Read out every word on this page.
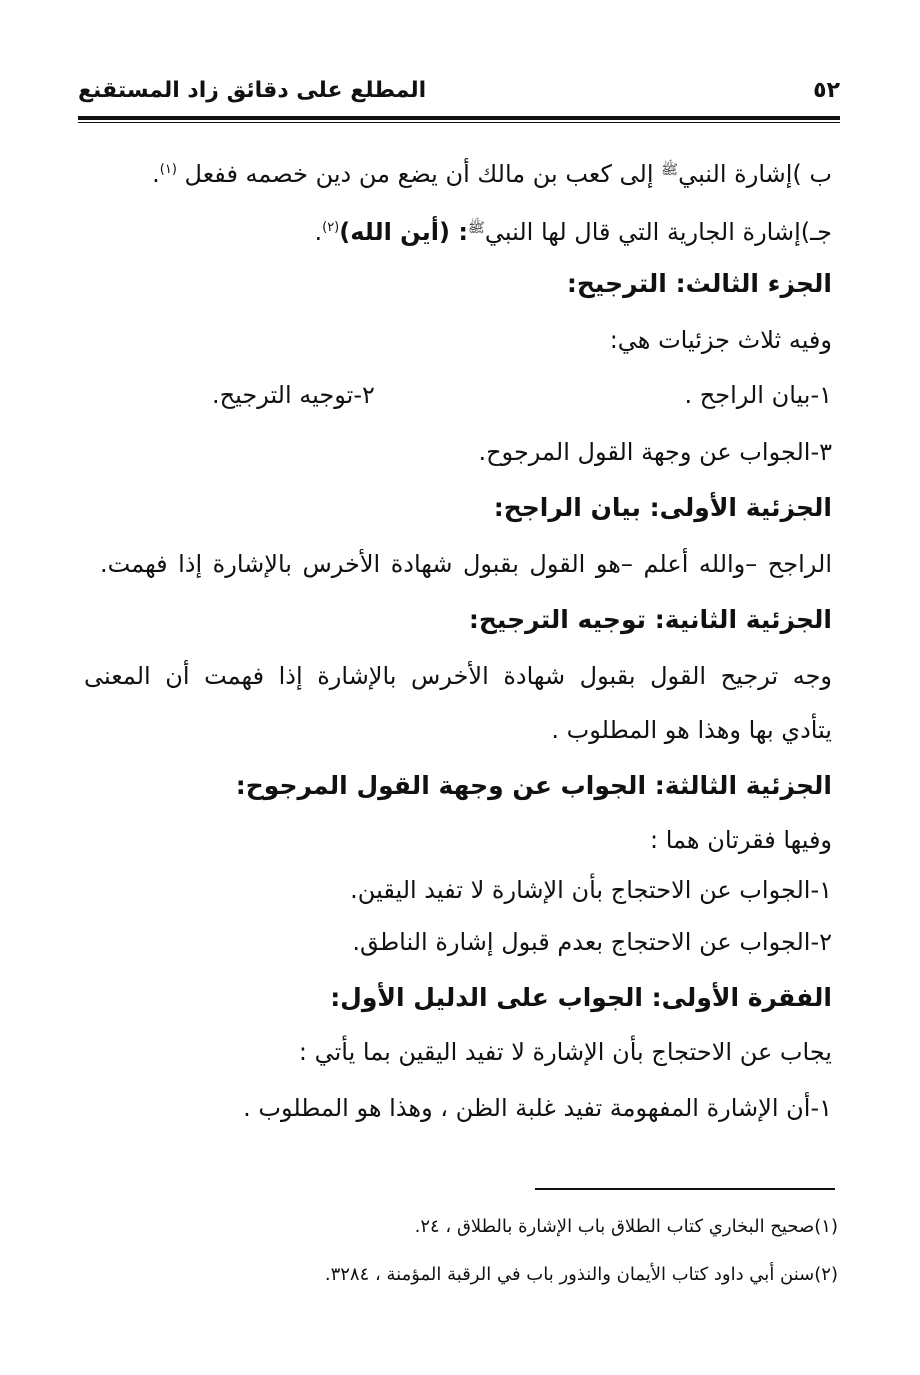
٥٢
المطلع على دقائق زاد المستقنع
ب )إشارة النبي$^ﷺ$ إلى كعب بن مالك أن يضع من دين خصمه ففعل $^{(١)}$.
جـ)إشارة الجارية التي قال لها النبي$^ﷺ$: (أين الله)$^{(٢)}$.
الجزء الثالث: الترجيح:
وفيه ثلاث جزئيات هي:
١-بيان الراجح .
٢-توجيه الترجيح.
٣-الجواب عن وجهة القول المرجوح.
الجزئية الأولى: بيان الراجح:
الراجح –والله أعلم –هو القول بقبول شهادة الأخرس بالإشارة إذا فهمت.
الجزئية الثانية: توجيه الترجيح:
وجه ترجيح القول بقبول شهادة الأخرس بالإشارة إذا فهمت أن المعنى
يتأدي بها وهذا هو المطلوب .
الجزئية الثالثة: الجواب عن وجهة القول المرجوح:
وفيها فقرتان هما :
١-الجواب عن الاحتجاج بأن الإشارة لا تفيد اليقين.
٢-الجواب عن الاحتجاج بعدم قبول إشارة الناطق.
الفقرة الأولى: الجواب على الدليل الأول:
يجاب عن الاحتجاج بأن الإشارة لا تفيد اليقين بما يأتي :
١-أن الإشارة المفهومة تفيد غلبة الظن ، وهذا هو المطلوب .
(١)صحيح البخاري كتاب الطلاق باب الإشارة بالطلاق ، ٢٤.
(٢)سنن أبي داود كتاب الأيمان والنذور باب في الرقبة المؤمنة ، ٣٢٨٤.
